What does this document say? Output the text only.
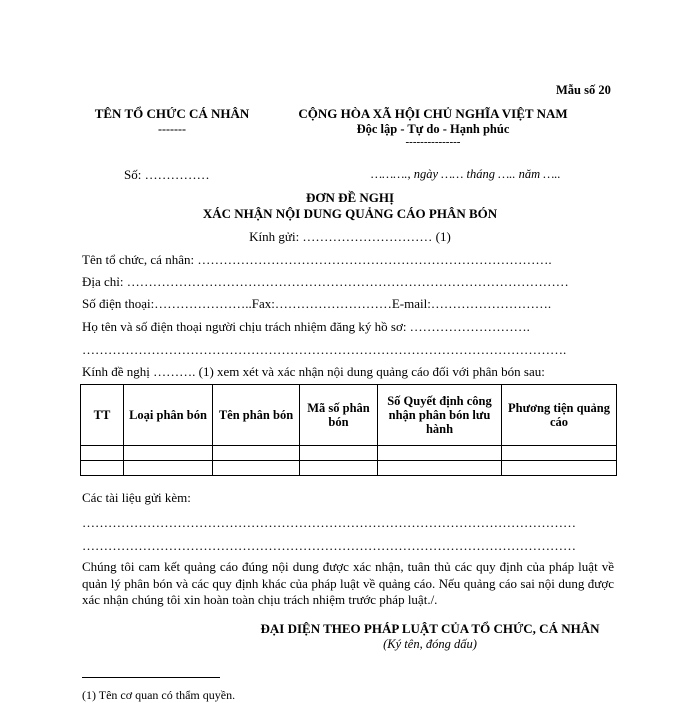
Mẫu số 20
TÊN TỔ CHỨC CÁ NHÂN
-------
CỘNG HÒA XÃ HỘI CHỦ NGHĨA VIỆT NAM
Độc lập - Tự do - Hạnh phúc
---------------
Số: ……………	………., ngày …… tháng ….. năm …..
ĐƠN ĐỀ NGHỊ
XÁC NHẬN NỘI DUNG QUẢNG CÁO PHÂN BÓN
Kính gửi: ………………………… (1)
Tên tổ chức, cá nhân: ……………………………………………………………………….
Địa chỉ: …………………………………………………………………………………………
Số điện thoại:…………………..Fax:………………………E-mail:……………………….
Họ tên và số điện thoại người chịu trách nhiệm đăng ký hồ sơ: ……………………….
………………………………………………………………………………………………….
Kính đề nghị ………. (1) xem xét và xác nhận nội dung quảng cáo đối với phân bón sau:
TT	Loại phân bón	Tên phân bón	Mã số phân bón	Số Quyết định công nhận phân bón lưu hành	Phương tiện quảng cáo

Các tài liệu gửi kèm:
……………………………………………………………………………………………………
……………………………………………………………………………………………………
Chúng tôi cam kết quảng cáo đúng nội dung được xác nhận, tuân thủ các quy định của pháp luật về quản lý phân bón và các quy định khác của pháp luật về quảng cáo. Nếu quảng cáo sai nội dung được xác nhận chúng tôi xin hoàn toàn chịu trách nhiệm trước pháp luật./.
ĐẠI DIỆN THEO PHÁP LUẬT CỦA TỔ CHỨC, CÁ NHÂN
(Ký tên, đóng dấu)
(1) Tên cơ quan có thẩm quyền.
